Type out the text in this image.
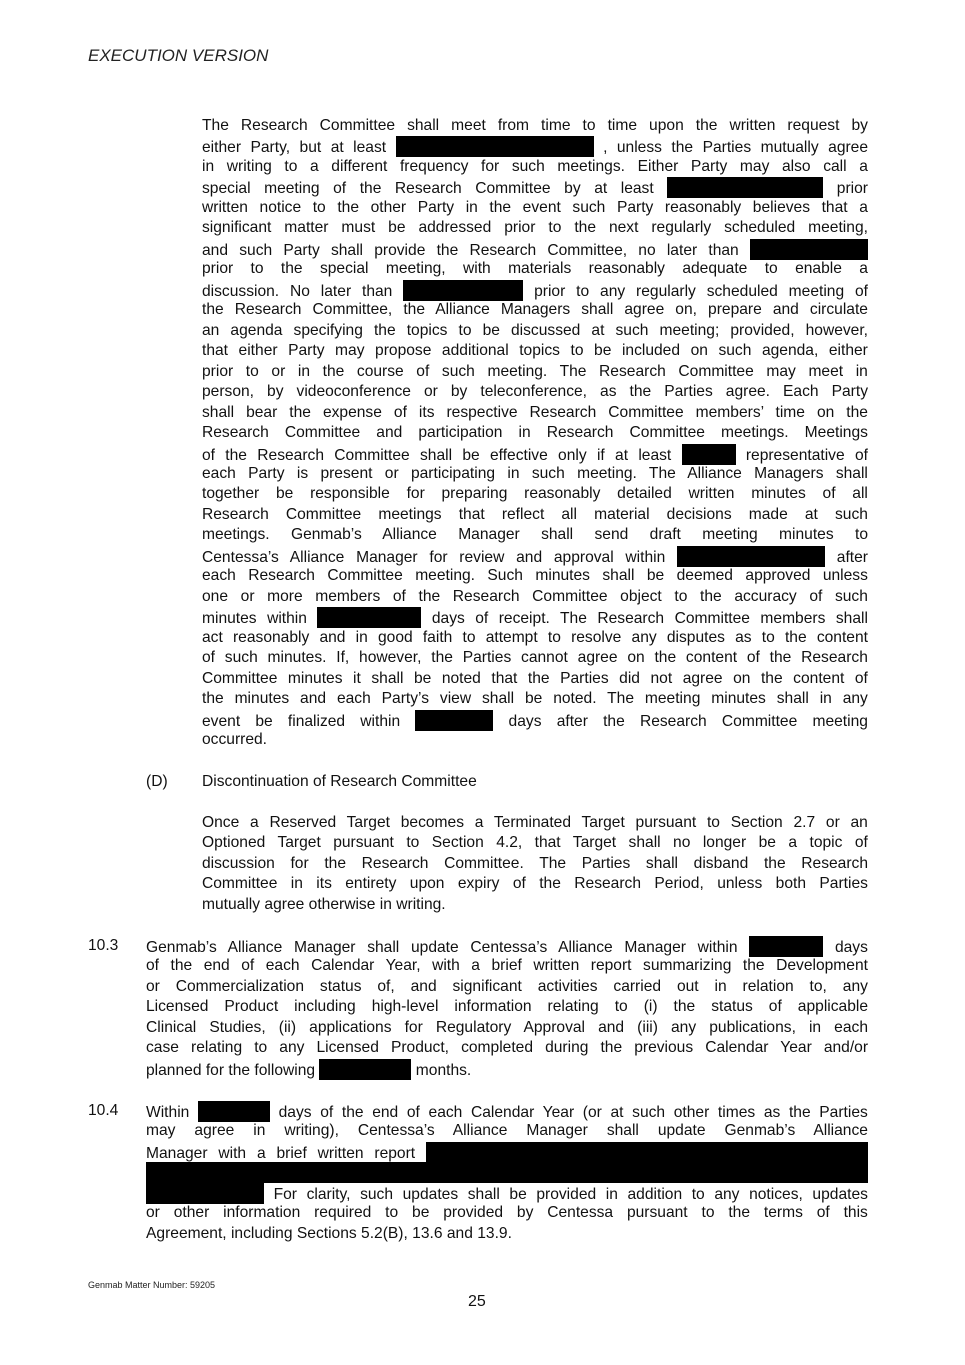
EXECUTION VERSION
(D) Discontinuation of Research Committee
10.3
10.4
Genmab Matter Number: 59205
25
The Research Committee shall meet from time to time upon the written request by
either Party, but at least	, unless the Parties mutually agree
in writing to a different frequency for such meetings. Either Party may also call a
special meeting of the Research Committee by at least	prior
written notice to the other Party in the event such Party reasonably believes that a
significant matter must be addressed prior to the next regularly scheduled meeting,
and such Party shall provide the Research Committee, no later than
prior to the special meeting, with materials reasonably adequate to enable a
discussion. No later than	prior to any regularly scheduled meeting of
the Research Committee, the Alliance Managers shall agree on, prepare and circulate
an agenda specifying the topics to be discussed at such meeting; provided, however,
that either Party may propose additional topics to be included on such agenda, either
prior to or in the course of such meeting. The Research Committee may meet in
person, by videoconference or by teleconference, as the Parties agree. Each Party
shall bear the expense of its respective Research Committee members’ time on the
Research Committee and participation in Research Committee meetings. Meetings
of the Research Committee shall be effective only if at least	representative of
each Party is present or participating in such meeting. The Alliance Managers shall
together be responsible for preparing reasonably detailed written minutes of all
Research Committee meetings that reflect all material decisions made at such
meetings. Genmab’s Alliance Manager shall send draft meeting minutes to
Centessa’s Alliance Manager for review and approval within	after
each Research Committee meeting. Such minutes shall be deemed approved unless
one or more members of the Research Committee object to the accuracy of such
minutes within	days of receipt. The Research Committee members shall
act reasonably and in good faith to attempt to resolve any disputes as to the content
of such minutes. If, however, the Parties cannot agree on the content of the Research
Committee minutes it shall be noted that the Parties did not agree on the content of
the minutes and each Party’s view shall be noted. The meeting minutes shall in any
event be finalized within	days after the Research Committee meeting
occurred.
Once a Reserved Target becomes a Terminated Target pursuant to Section 2.7 or an
Optioned Target pursuant to Section 4.2, that Target shall no longer be a topic of
discussion for the Research Committee. The Parties shall disband the Research
Committee in its entirety upon expiry of the Research Period, unless both Parties
mutually agree otherwise in writing.
Genmab’s Alliance Manager shall update Centessa’s Alliance Manager within	days
of the end of each Calendar Year, with a brief written report summarizing the Development
or Commercialization status of, and significant activities carried out in relation to, any
Licensed Product including high-level information relating to (i) the status of applicable
Clinical Studies, (ii) applications for Regulatory Approval and (iii) any publications, in each
case relating to any Licensed Product, completed during the previous Calendar Year and/or
planned for the following	months.
Within	days of the end of each Calendar Year (or at such other times as the Parties
may agree in writing), Centessa’s Alliance Manager shall update Genmab’s Alliance
Manager with a brief written report
For clarity, such updates shall be provided in addition to any notices, updates
or other information required to be provided by Centessa pursuant to the terms of this
Agreement, including Sections 5.2(B), 13.6 and 13.9.
